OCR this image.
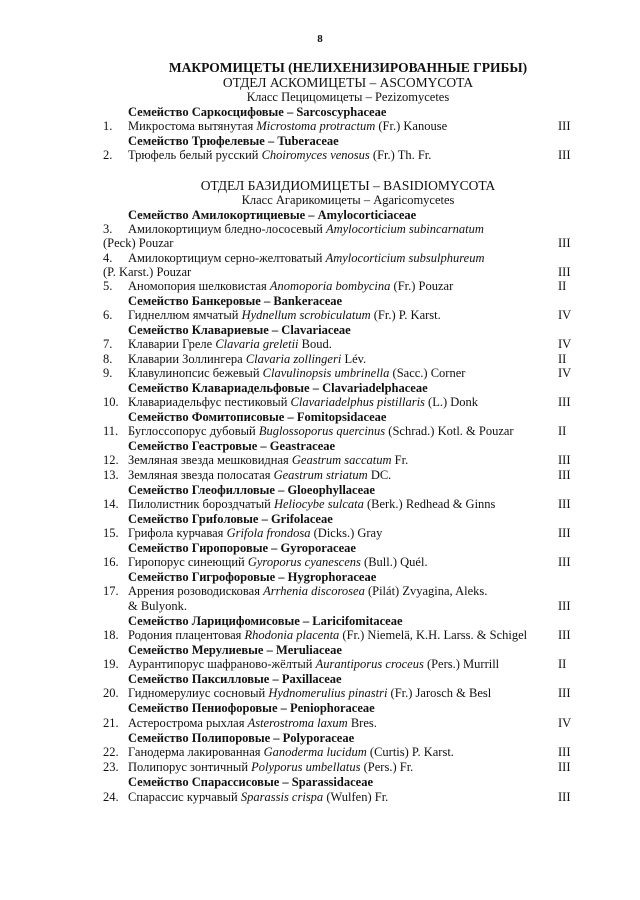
8
МАКРОМИЦЕТЫ (НЕЛИХЕНИЗИРОВАННЫЕ ГРИБЫ)
ОТДЕЛ АСКОМИЦЕТЫ – ASCOMYCOTA
Класс Пецицомицеты – Pezizomycetes
Семейство Саркосцифовые – Sarcoscyphaceae
1. Микростома вытянутая Microstoma protractum (Fr.) Kanouse	III
Семейство Трюфелевые – Tuberaceae
2. Трюфель белый русский Choiromyces venosus (Fr.) Th. Fr.	III
ОТДЕЛ БАЗИДИОМИЦЕТЫ – BASIDIOMYCOTA
Класс Агарикомицеты – Agaricomycetes
Семейство Амилокортициевые – Amylocorticiaceae
3. Амилокортициум бледно-лососевый Amylocorticium subincarnatum
(Peck) Pouzar	III
4. Амилокортициум серно-желтоватый Amylocorticium subsulphureum
(P. Karst.) Pouzar	III
5. Аномопория шелковистая Anomoporia bombycina (Fr.) Pouzar	II
Семейство Банкеровые – Bankeraceae
6. Гиднеллюм ямчатый Hydnellum scrobiculatum (Fr.) P. Karst.	IV
Семейство Клавариевые – Clavariaceae
7. Клаварии Греле Clavaria greletii Boud.	IV
8. Клаварии Золлингера Clavaria zollingeri Lév.	II
9. Клавулинопсис бежевый Clavulinopsis umbrinella (Sacc.) Corner	IV
Семейство Клавариадельфовые – Clavariadelphaceae
10. Клавариадельфус пестиковый Clavariadelphus pistillaris (L.) Donk	III
Семейство Фомитописовые – Fomitopsidaceae
11. Буглоссопорус дубовый Buglossoporus quercinus (Schrad.) Kotl. & Pouzar	II
Семейство Геастровые – Geastraceae
12. Земляная звезда мешковидная Geastrum saccatum Fr.	III
13. Земляная звезда полосатая Geastrum striatum DC.	III
Семейство Глеофилловые – Gloeophyllaceae
14. Пилолистник бороздчатый Heliocybe sulcata (Berk.) Redhead & Ginns	III
Семейство Гриfoловые – Grifolaceae
15. Грифола курчавая Grifola frondosa (Dicks.) Gray	III
Семейство Гиропоровые – Gyroporaceae
16. Гиропорус синеющий Gyroporus cyanescens (Bull.) Quél.	III
Семейство Гигрофоровые – Hygrophoraceae
17. Аррения розоводисковая Arrhenia discorosea (Pilát) Zvyagina, Aleks.
& Bulyonk.	III
Семейство Ларицифомисовые – Laricifomitaceae
18. Родония плацентовая Rhodonia placenta (Fr.) Niemelä, K.H. Larss. & Schigel III
Семейство Мерулиевые – Meruliaceae
19. Аурантипорус шафраново-жёлтый Aurantiporus croceus (Pers.) Murrill	II
Семейство Паксилловые – Paxillaceae
20. Гидномерулиус сосновый Hydnomerulius pinastri (Fr.) Jarosch & Besl	III
Семейство Пениофоровые – Peniophoraceae
21. Астерострома рыхлая Asterostroma laxum Bres.	IV
Семейство Полипоровые – Polyporaceae
22. Ганодерма лакированная Ganoderma lucidum (Curtis) P. Karst.	III
23. Полипорус зонтичный Polyporus umbellatus (Pers.) Fr.	III
Семейство Спарассисовые – Sparassidaceae
24. Спарассис курчавый Sparassis crispa (Wulfen) Fr.	III
